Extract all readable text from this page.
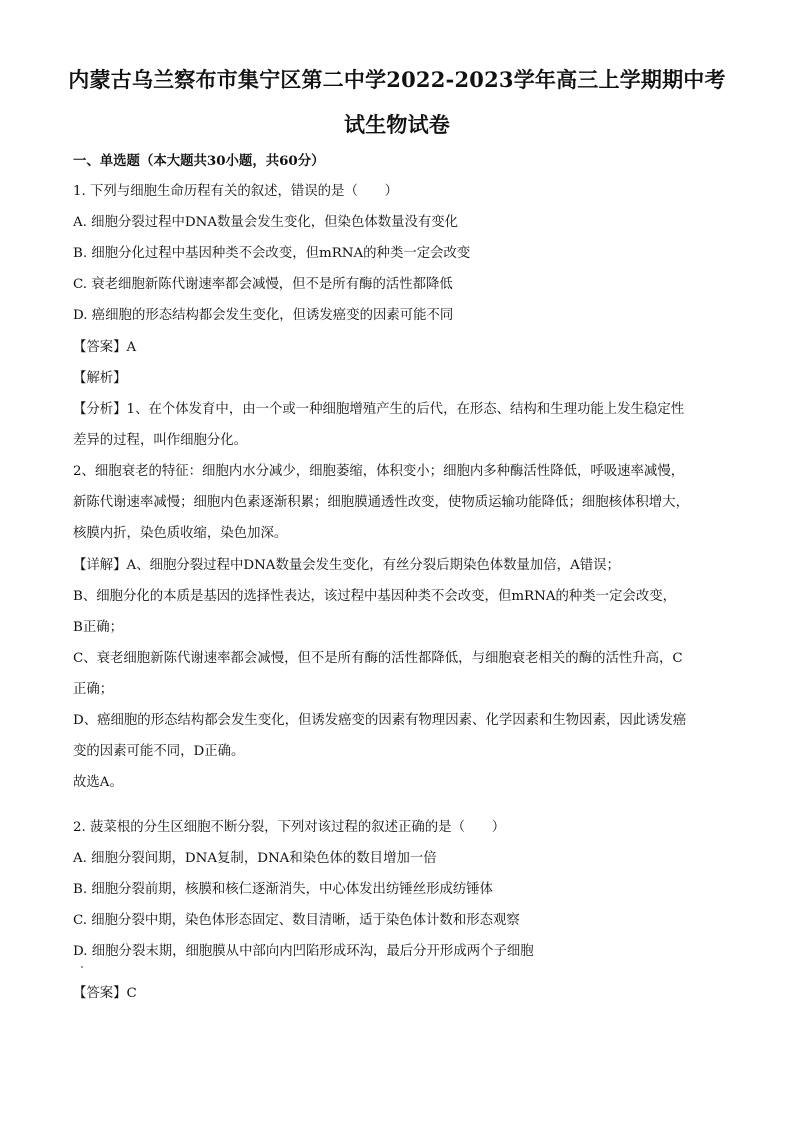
内蒙古乌兰察布市集宁区第二中学2022-2023学年高三上学期期中考
试生物试卷
一、单选题（本大题共30小题，共60分）
1. 下列与细胞生命历程有关的叙述，错误的是（　　）
A. 细胞分裂过程中DNA数量会发生变化，但染色体数量没有变化
B. 细胞分化过程中基因种类不会改变，但mRNA的种类一定会改变
C. 衰老细胞新陈代谢速率都会减慢，但不是所有酶的活性都降低
D. 癌细胞的形态结构都会发生变化，但诱发癌变的因素可能不同
【答案】A
【解析】
【分析】1、在个体发育中，由一个或一种细胞增殖产生的后代，在形态、结构和生理功能上发生稳定性
差异的过程，叫作细胞分化。
2、细胞衰老的特征：细胞内水分减少，细胞萎缩，体积变小；细胞内多种酶活性降低，呼吸速率减慢，
新陈代谢速率减慢；细胞内色素逐渐积累；细胞膜通透性改变，使物质运输功能降低；细胞核体积增大，
核膜内折，染色质收缩，染色加深。
【详解】A、细胞分裂过程中DNA数量会发生变化，有丝分裂后期染色体数量加倍，A错误；
B、细胞分化的本质是基因的选择性表达，该过程中基因种类不会改变，但mRNA的种类一定会改变，
B正确；
C、衰老细胞新陈代谢速率都会减慢，但不是所有酶的活性都降低，与细胞衰老相关的酶的活性升高，C
正确；
D、癌细胞的形态结构都会发生变化，但诱发癌变的因素有物理因素、化学因素和生物因素，因此诱发癌
变的因素可能不同，D正确。
故选A。
2. 菠菜根的分生区细胞不断分裂，下列对该过程的叙述正确的是（　　）
A. 细胞分裂间期，DNA复制，DNA和染色体的数目增加一倍
B. 细胞分裂前期，核膜和核仁逐渐消失，中心体发出纺锤丝形成纺锤体
C. 细胞分裂中期，染色体形态固定、数目清晰，适于染色体计数和形态观察
D. 细胞分裂末期，细胞膜从中部向内凹陷形成环沟，最后分开形成两个子细胞
【答案】C
